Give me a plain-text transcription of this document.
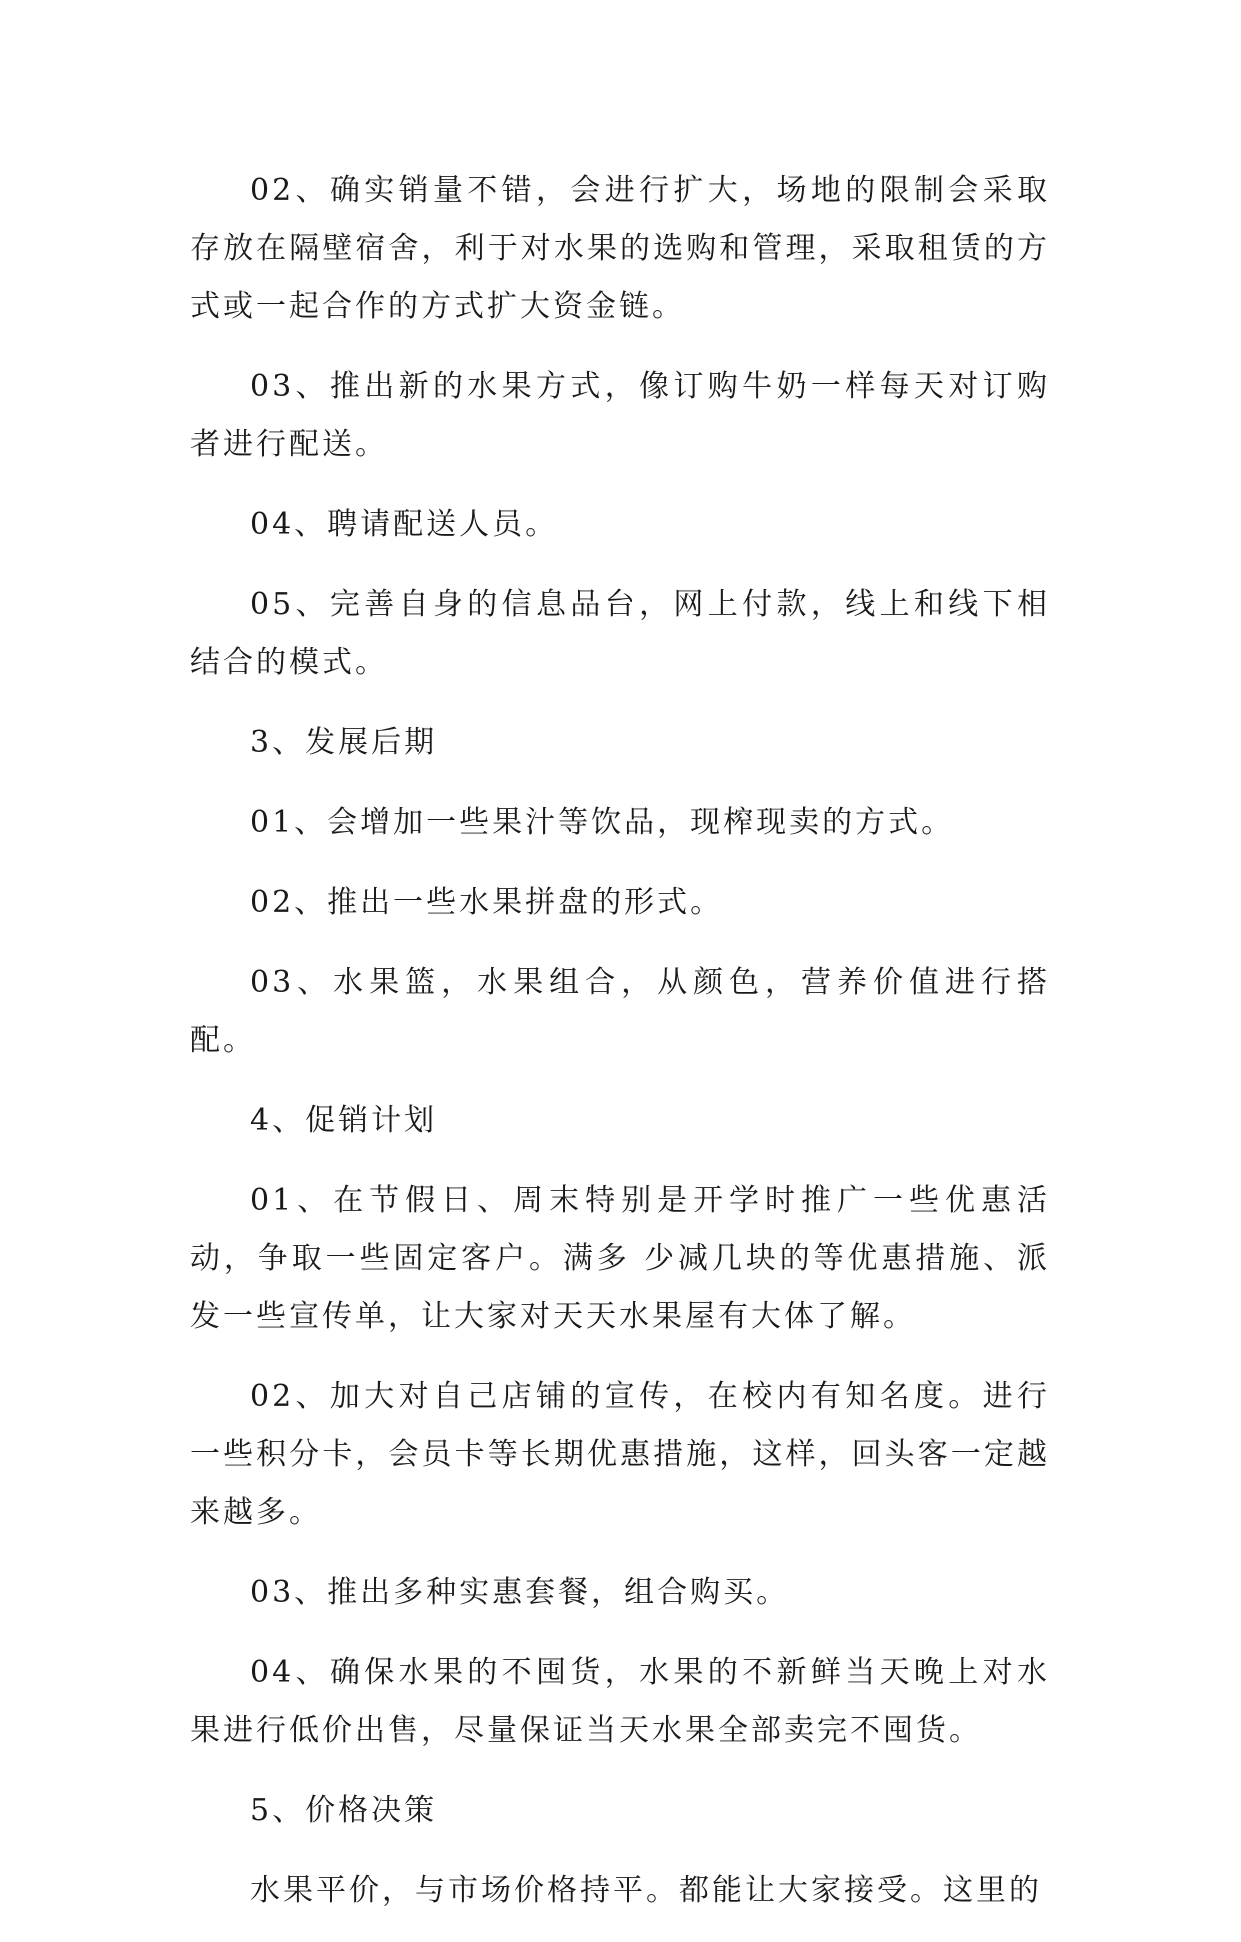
02、确实销量不错，会进行扩大，场地的限制会采取存放在隔壁宿舍，利于对水果的选购和管理，采取租赁的方式或一起合作的方式扩大资金链。

03、推出新的水果方式，像订购牛奶一样每天对订购者进行配送。

04、聘请配送人员。

05、完善自身的信息品台，网上付款，线上和线下相结合的模式。

3、发展后期

01、会增加一些果汁等饮品，现榨现卖的方式。

02、推出一些水果拼盘的形式。

03、水果篮，水果组合，从颜色，营养价值进行搭配。

4、促销计划

01、在节假日、周末特别是开学时推广一些优惠活动，争取一些固定客户。满多 少减几块的等优惠措施、派发一些宣传单，让大家对天天水果屋有大体了解。

02、加大对自己店铺的宣传，在校内有知名度。进行一些积分卡，会员卡等长期优惠措施，这样，回头客一定越来越多。

03、推出多种实惠套餐，组合购买。

04、确保水果的不囤货，水果的不新鲜当天晚上对水果进行低价出售，尽量保证当天水果全部卖完不囤货。

5、价格决策

水果平价，与市场价格持平。都能让大家接受。这里的
